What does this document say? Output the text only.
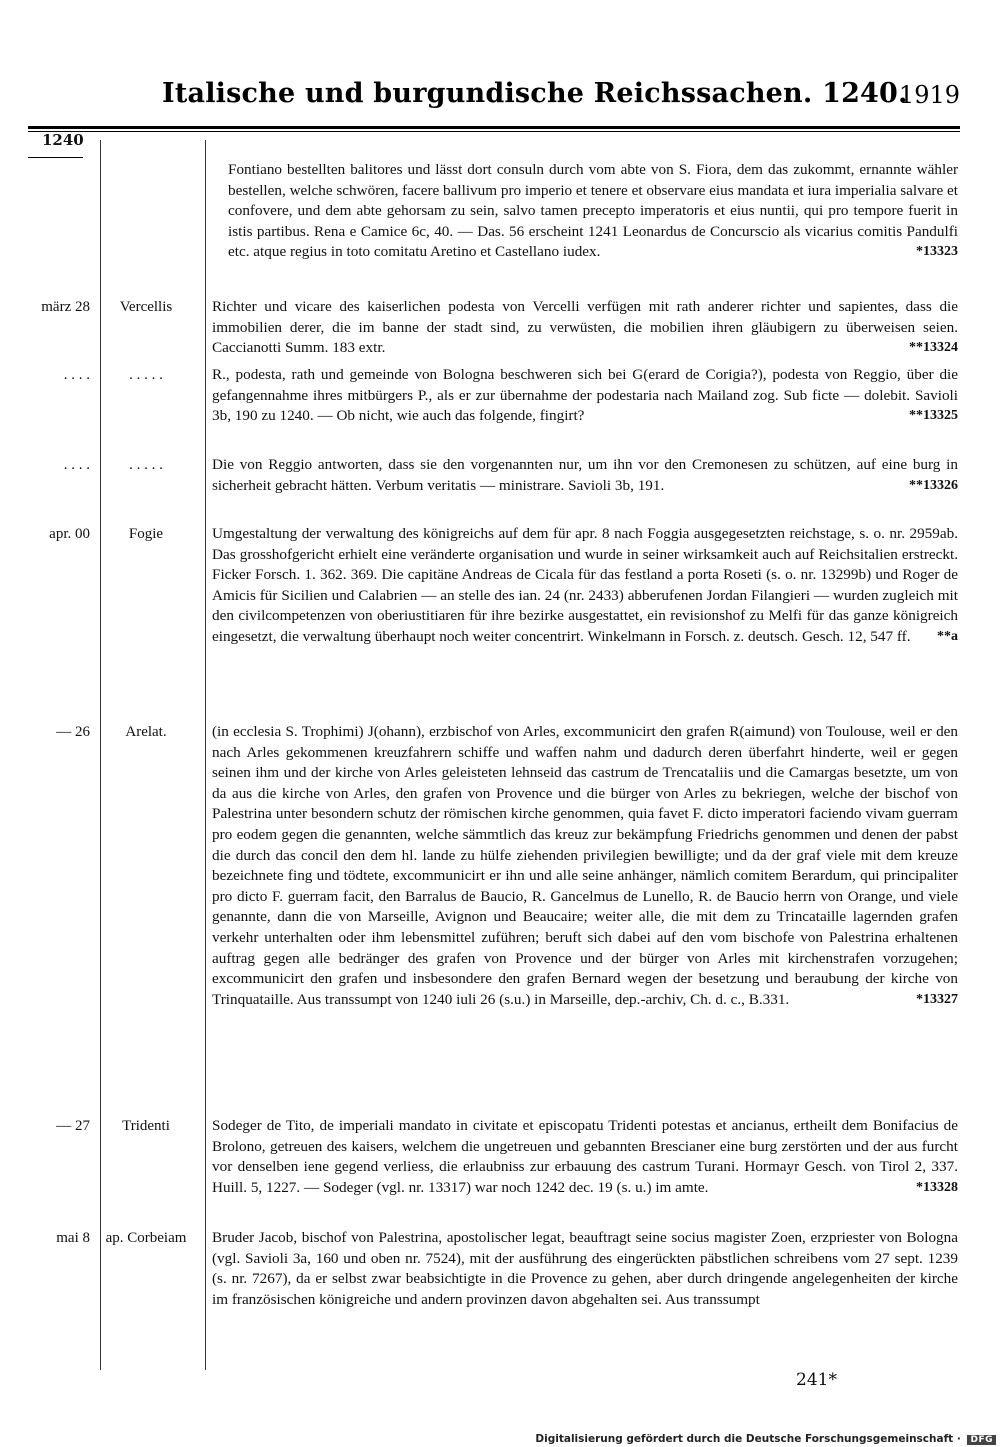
Italische und burgundische Reichssachen. 1240.
1919
1240
Fontiano bestellten balitores und lässt dort consuln durch vom abte von S. Fiora, dem das zukommt, ernannte wähler bestellen, welche schwören, facere ballivum pro imperio et tenere et observare eius mandata et iura imperialia salvare et confovere, und dem abte gehorsam zu sein, salvo tamen precepto imperatoris et eius nuntii, qui pro tempore fuerit in istis partibus. Rena e Camice 6c, 40. — Das. 56 erscheint 1241 Leonardus de Concurscio als vicarius comitis Pandulfi etc. atque regius in toto comitatu Aretino et Castellano iudex.	*13323
märz 28	Vercellis	Richter und vicare des kaiserlichen podesta von Vercelli verfügen mit rath anderer richter und sapientes, dass die immobilien derer, die im banne der stadt sind, zu verwüsten, die mobilien ihren gläubigern zu überweisen seien. Caccianotti Summ. 183 extr.	**13324
. . . .	. . . . .	R., podesta, rath und gemeinde von Bologna beschweren sich bei G(erard de Corigia?), podesta von Reggio, über die gefangennahme ihres mitbürgers P., als er zur übernahme der podestaria nach Mailand zog. Sub ficte — dolebit. Savioli 3b, 190 zu 1240. — Ob nicht, wie auch das folgende, fingirt?	**13325
. . . .	. . . . .	Die von Reggio antworten, dass sie den vorgenannten nur, um ihn vor den Cremonesen zu schützen, auf eine burg in sicherheit gebracht hätten. Verbum veritatis — ministrare. Savioli 3b, 191.	**13326
apr. 00	Fogie	Umgestaltung der verwaltung des königreichs auf dem für apr. 8 nach Foggia ausgegesetzten reichstage, s. o. nr. 2959ab. Das grosshofgericht erhielt eine veränderte organisation und wurde in seiner wirksamkeit auch auf Reichsitalien erstreckt. Ficker Forsch. 1. 362. 369. Die capitäne Andreas de Cicala für das festland a porta Roseti (s. o. nr. 13299b) und Roger de Amicis für Sicilien und Calabrien — an stelle des ian. 24 (nr. 2433) abberufenen Jordan Filangieri — wurden zugleich mit den civilcompetenzen von oberiustitiaren für ihre bezirke ausgestattet, ein revisionshof zu Melfi für das ganze königreich eingesetzt, die verwaltung überhaupt noch weiter concentrirt. Winkelmann in Forsch. z. deutsch. Gesch. 12, 547 ff.	**a
— 26	Arelat.	(in ecclesia S. Trophimi) J(ohann), erzbischof von Arles, excommunicirt den grafen R(aimund) von Toulouse, weil er den nach Arles gekommenen kreuzfahrern schiffe und waffen nahm und dadurch deren überfahrt hinderte, weil er gegen seinen ihm und der kirche von Arles geleisteten lehnseid das castrum de Trencataliis und die Camargas besetzte, um von da aus die kirche von Arles, den grafen von Provence und die bürger von Arles zu bekriegen, welche der bischof von Palestrina unter besondern schutz der römischen kirche genommen, quia favet F. dicto imperatori faciendo vivam guerram pro eodem gegen die genannten, welche sämmtlich das kreuz zur bekämpfung Friedrichs genommen und denen der pabst die durch das concil den dem hl. lande zu hülfe ziehenden privilegien bewilligte; und da der graf viele mit dem kreuze bezeichnete fing und tödtete, excommunicirt er ihn und alle seine anhänger, nämlich comitem Berardum, qui principaliter pro dicto F. guerram facit, den Barralus de Baucio, R. Gancelmus de Lunello, R. de Baucio herrn von Orange, und viele genannte, dann die von Marseille, Avignon und Beaucaire; weiter alle, die mit dem zu Trincataille lagernden grafen verkehr unterhalten oder ihm lebensmittel zuführen; beruft sich dabei auf den vom bischofe von Palestrina erhaltenen auftrag gegen alle bedränger des grafen von Provence und der bürger von Arles mit kirchenstrafen vorzugehen; excommunicirt den grafen und insbesondere den grafen Bernard wegen der besetzung und beraubung der kirche von Trinquataille. Aus transsumpt von 1240 iuli 26 (s.u.) in Marseille, dep.-archiv, Ch. d. c., B.331.	*13327
— 27	Tridenti	Sodeger de Tito, de imperiali mandato in civitate et episcopatu Tridenti potestas et ancianus, ertheilt dem Bonifacius de Brolono, getreuen des kaisers, welchem die ungetreuen und gebannten Brescianer eine burg zerstörten und der aus furcht vor denselben iene gegend verliess, die erlaubniss zur erbauung des castrum Turani. Hormayr Gesch. von Tirol 2, 337. Huill. 5, 1227. — Sodeger (vgl. nr. 13317) war noch 1242 dec. 19 (s. u.) im amte.	*13328
mai 8	ap. Corbeiam	Bruder Jacob, bischof von Palestrina, apostolischer legat, beauftragt seine socius magister Zoen, erzpriester von Bologna (vgl. Savioli 3a, 160 und oben nr. 7524), mit der ausführung des eingerückten päbstlichen schreibens vom 27 sept. 1239 (s. nr. 7267), da er selbst zwar beabsichtigte in die Provence zu gehen, aber durch dringende angelegenheiten der kirche im französischen königreiche und andern provinzen davon abgehalten sei. Aus transsumpt
241*
Digitalisierung gefördert durch die Deutsche Forschungsgemeinschaft · DFG
